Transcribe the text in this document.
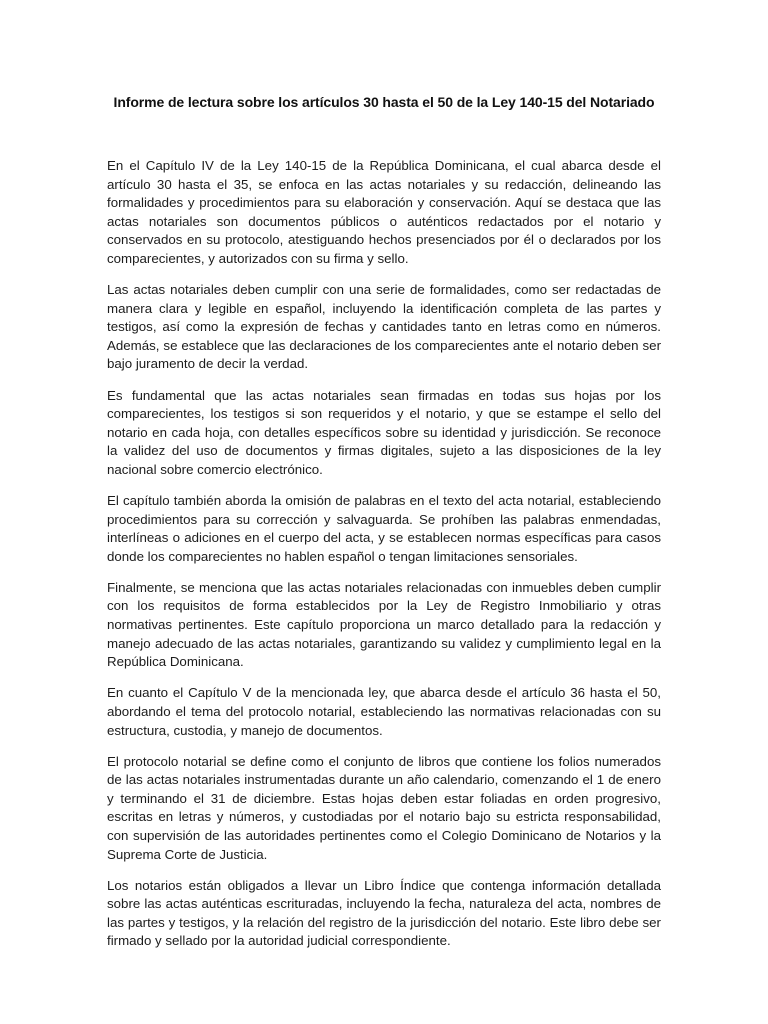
Informe de lectura sobre los artículos 30 hasta el 50 de la Ley 140-15 del Notariado

En el Capítulo IV de la Ley 140-15 de la República Dominicana, el cual abarca desde el artículo 30 hasta el 35, se enfoca en las actas notariales y su redacción, delineando las formalidades y procedimientos para su elaboración y conservación. Aquí se destaca que las actas notariales son documentos públicos o auténticos redactados por el notario y conservados en su protocolo, atestiguando hechos presenciados por él o declarados por los comparecientes, y autorizados con su firma y sello.

Las actas notariales deben cumplir con una serie de formalidades, como ser redactadas de manera clara y legible en español, incluyendo la identificación completa de las partes y testigos, así como la expresión de fechas y cantidades tanto en letras como en números. Además, se establece que las declaraciones de los comparecientes ante el notario deben ser bajo juramento de decir la verdad.

Es fundamental que las actas notariales sean firmadas en todas sus hojas por los comparecientes, los testigos si son requeridos y el notario, y que se estampe el sello del notario en cada hoja, con detalles específicos sobre su identidad y jurisdicción. Se reconoce la validez del uso de documentos y firmas digitales, sujeto a las disposiciones de la ley nacional sobre comercio electrónico.

El capítulo también aborda la omisión de palabras en el texto del acta notarial, estableciendo procedimientos para su corrección y salvaguarda. Se prohíben las palabras enmendadas, interlíneas o adiciones en el cuerpo del acta, y se establecen normas específicas para casos donde los comparecientes no hablen español o tengan limitaciones sensoriales.

Finalmente, se menciona que las actas notariales relacionadas con inmuebles deben cumplir con los requisitos de forma establecidos por la Ley de Registro Inmobiliario y otras normativas pertinentes. Este capítulo proporciona un marco detallado para la redacción y manejo adecuado de las actas notariales, garantizando su validez y cumplimiento legal en la República Dominicana.

En cuanto el Capítulo V de la mencionada ley, que abarca desde el artículo 36 hasta el 50, abordando el tema del protocolo notarial, estableciendo las normativas relacionadas con su estructura, custodia, y manejo de documentos.

El protocolo notarial se define como el conjunto de libros que contiene los folios numerados de las actas notariales instrumentadas durante un año calendario, comenzando el 1 de enero y terminando el 31 de diciembre. Estas hojas deben estar foliadas en orden progresivo, escritas en letras y números, y custodiadas por el notario bajo su estricta responsabilidad, con supervisión de las autoridades pertinentes como el Colegio Dominicano de Notarios y la Suprema Corte de Justicia.

Los notarios están obligados a llevar un Libro Índice que contenga información detallada sobre las actas auténticas escrituradas, incluyendo la fecha, naturaleza del acta, nombres de las partes y testigos, y la relación del registro de la jurisdicción del notario. Este libro debe ser firmado y sellado por la autoridad judicial correspondiente.
